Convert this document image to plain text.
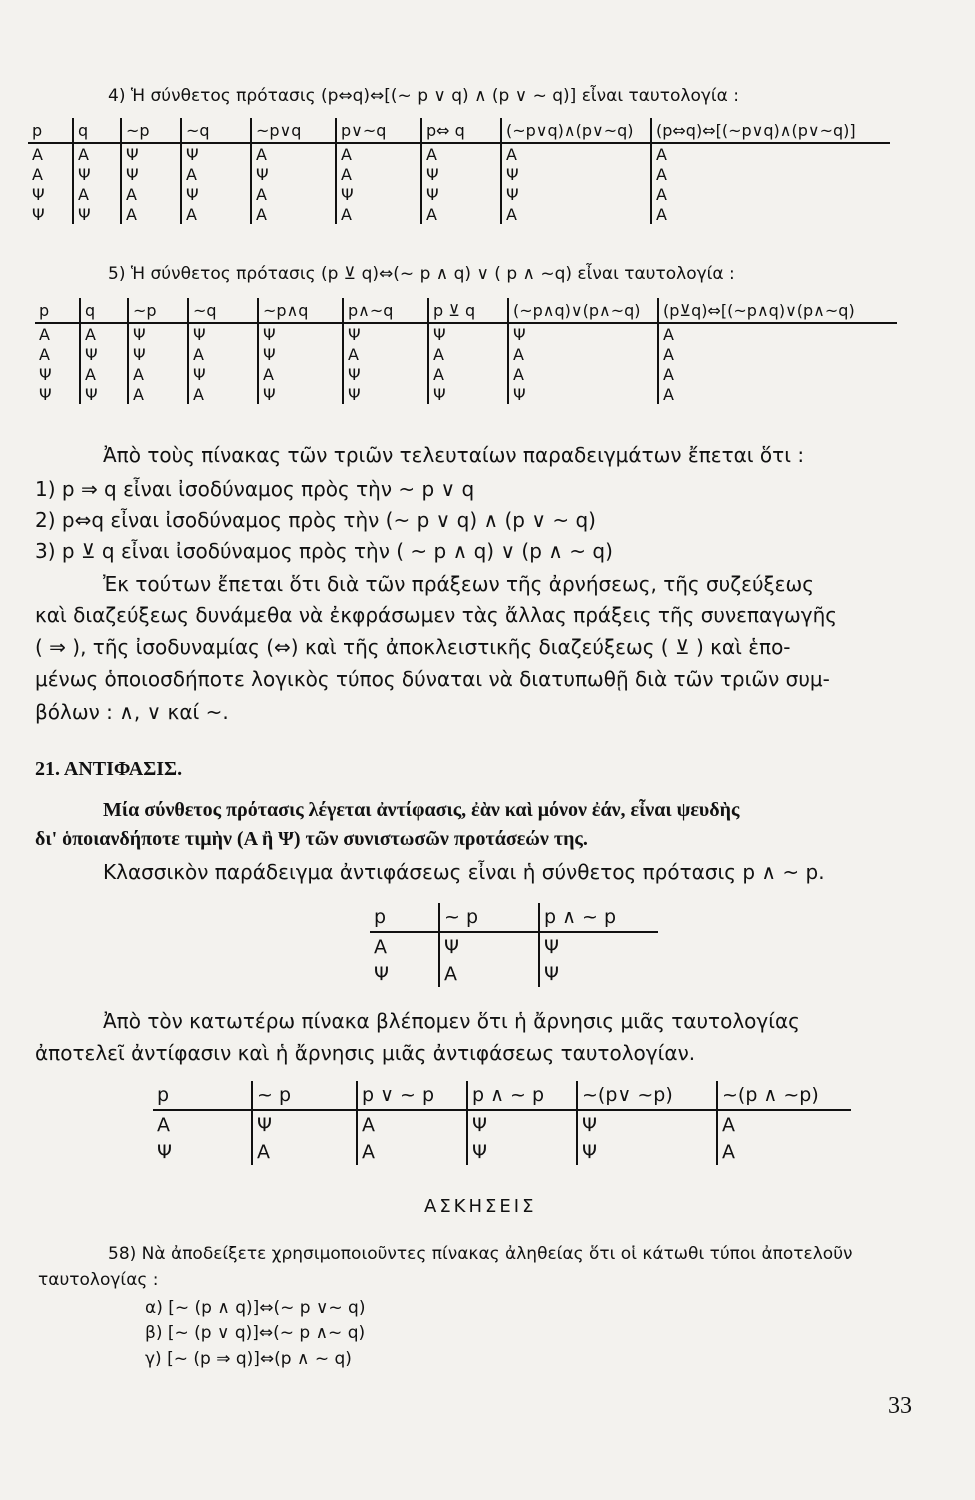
4) Ἡ σύνθετος πρότασις (p⇔q)⇔[(~ p ∨ q) ∧ (p ∨ ~ q)] εἶναι ταυτολογία :
p	q	~p	~q	~p∨q	p∨~q	p⇔ q	(~p∨q)∧(p∨~q)	(p⇔q)⇔[(~p∨q)∧(p∨~q)]
Α	Α	Ψ	Ψ	Α	Α	Α	Α	Α
Α	Ψ	Ψ	Α	Ψ	Α	Ψ	Ψ	Α
Ψ	Α	Α	Ψ	Α	Ψ	Ψ	Ψ	Α
Ψ	Ψ	Α	Α	Α	Α	Α	Α	Α
5) Ἡ σύνθετος πρότασις (p ⊻ q)⇔(~ p ∧ q) ∨ ( p ∧ ~q) εἶναι ταυτολογία :
p	q	~p	~q	~p∧q	p∧~q	p ⊻ q	(~p∧q)∨(p∧~q)	(p⊻q)⇔[(~p∧q)∨(p∧~q)
Α	Α	Ψ	Ψ	Ψ	Ψ	Ψ	Ψ	Α
Α	Ψ	Ψ	Α	Ψ	Α	Α	Α	Α
Ψ	Α	Α	Ψ	Α	Ψ	Α	Α	Α
Ψ	Ψ	Α	Α	Ψ	Ψ	Ψ	Ψ	Α
Ἀπὸ τοὺς πίνακας τῶν τριῶν τελευταίων παραδειγμάτων ἔπεται ὅτι :
1) p ⇒ q εἶναι ἰσοδύναμος πρὸς τὴν ~ p ∨ q
2) p⇔q εἶναι ἰσοδύναμος πρὸς τὴν (~ p ∨ q) ∧ (p ∨ ~ q)
3) p ⊻ q εἶναι ἰσοδύναμος πρὸς τὴν ( ~ p ∧ q) ∨ (p ∧ ~ q)
Ἐκ τούτων ἔπεται ὅτι διὰ τῶν πράξεων τῆς ἀρνήσεως, τῆς συζεύξεως
καὶ διαζεύξεως δυνάμεθα νὰ ἐκφράσωμεν τὰς ἄλλας πράξεις τῆς συνεπαγωγῆς
( ⇒ ), τῆς ἰσοδυναμίας (⇔) καὶ τῆς ἀποκλειστικῆς διαζεύξεως ( ⊻ ) καὶ ἑπο-
μένως ὁποιοσδήποτε λογικὸς τύπος δύναται νὰ διατυπωθῇ διὰ τῶν τριῶν συμ-
βόλων : ∧, ∨ καί ~.
21. ΑΝΤΙΦΑΣΙΣ.
Μία σύνθετος πρότασις λέγεται ἀντίφασις, ἐὰν καὶ μόνον ἐάν, εἶναι ψευδὴς
δι' ὁποιανδήποτε τιμὴν (Α ἢ Ψ) τῶν συνιστωσῶν προτάσεών της.
Κλασσικὸν παράδειγμα ἀντιφάσεως εἶναι ἡ σύνθετος πρότασις p ∧ ~ p.
p	~ p	p ∧ ~ p
Α	Ψ	Ψ
Ψ	Α	Ψ
Ἀπὸ τὸν κατωτέρω πίνακα βλέπομεν ὅτι ἡ ἄρνησις μιᾶς ταυτολογίας
ἀποτελεῖ ἀντίφασιν καὶ ἡ ἄρνησις μιᾶς ἀντιφάσεως ταυτολογίαν.
p	~ p	p ∨ ~ p	p ∧ ~ p	~(p∨ ~p)	~(p ∧ ~p)
Α	Ψ	Α	Ψ	Ψ	Α
Ψ	Α	Α	Ψ	Ψ	Α
ΑΣΚΗΣΕΙΣ
58) Νὰ ἀποδείξετε χρησιμοποιοῦντες πίνακας ἀληθείας ὅτι οἱ κάτωθι τύποι ἀποτελοῦν
ταυτολογίας :
α) [~ (p ∧ q)]⇔(~ p ∨~ q)
β) [~ (p ∨ q)]⇔(~ p ∧~ q)
γ) [~ (p ⇒ q)]⇔(p ∧ ~ q)
33
